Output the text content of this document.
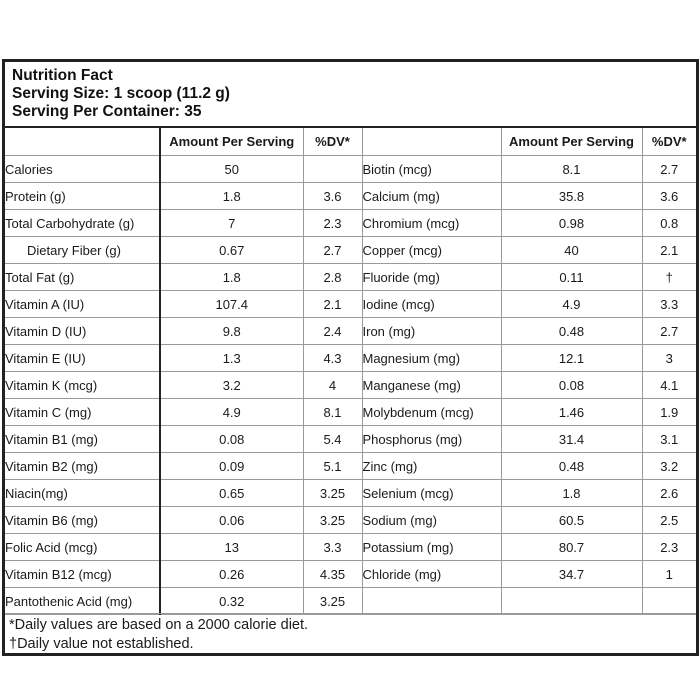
Nutrition Fact
Serving Size: 1 scoop (11.2 g)
Serving Per Container: 35
	Amount Per Serving	%DV*		Amount Per Serving	%DV*
Calories	50		Biotin (mcg)	8.1	2.7
Protein (g)	1.8	3.6	Calcium (mg)	35.8	3.6
Total Carbohydrate (g)	7	2.3	Chromium (mcg)	0.98	0.8
Dietary Fiber (g)	0.67	2.7	Copper (mcg)	40	2.1
Total Fat (g)	1.8	2.8	Fluoride (mg)	0.11	†
Vitamin A (IU)	107.4	2.1	Iodine (mcg)	4.9	3.3
Vitamin D (IU)	9.8	2.4	Iron (mg)	0.48	2.7
Vitamin E (IU)	1.3	4.3	Magnesium (mg)	12.1	3
Vitamin K (mcg)	3.2	4	Manganese (mg)	0.08	4.1
Vitamin C (mg)	4.9	8.1	Molybdenum (mcg)	1.46	1.9
Vitamin B1 (mg)	0.08	5.4	Phosphorus (mg)	31.4	3.1
Vitamin B2 (mg)	0.09	5.1	Zinc (mg)	0.48	3.2
Niacin(mg)	0.65	3.25	Selenium (mcg)	1.8	2.6
Vitamin B6 (mg)	0.06	3.25	Sodium (mg)	60.5	2.5
Folic Acid (mcg)	13	3.3	Potassium (mg)	80.7	2.3
Vitamin B12 (mcg)	0.26	4.35	Chloride (mg)	34.7	1
Pantothenic Acid (mg)	0.32	3.25			
*Daily values are based on a 2000 calorie diet.
†Daily value not established.
